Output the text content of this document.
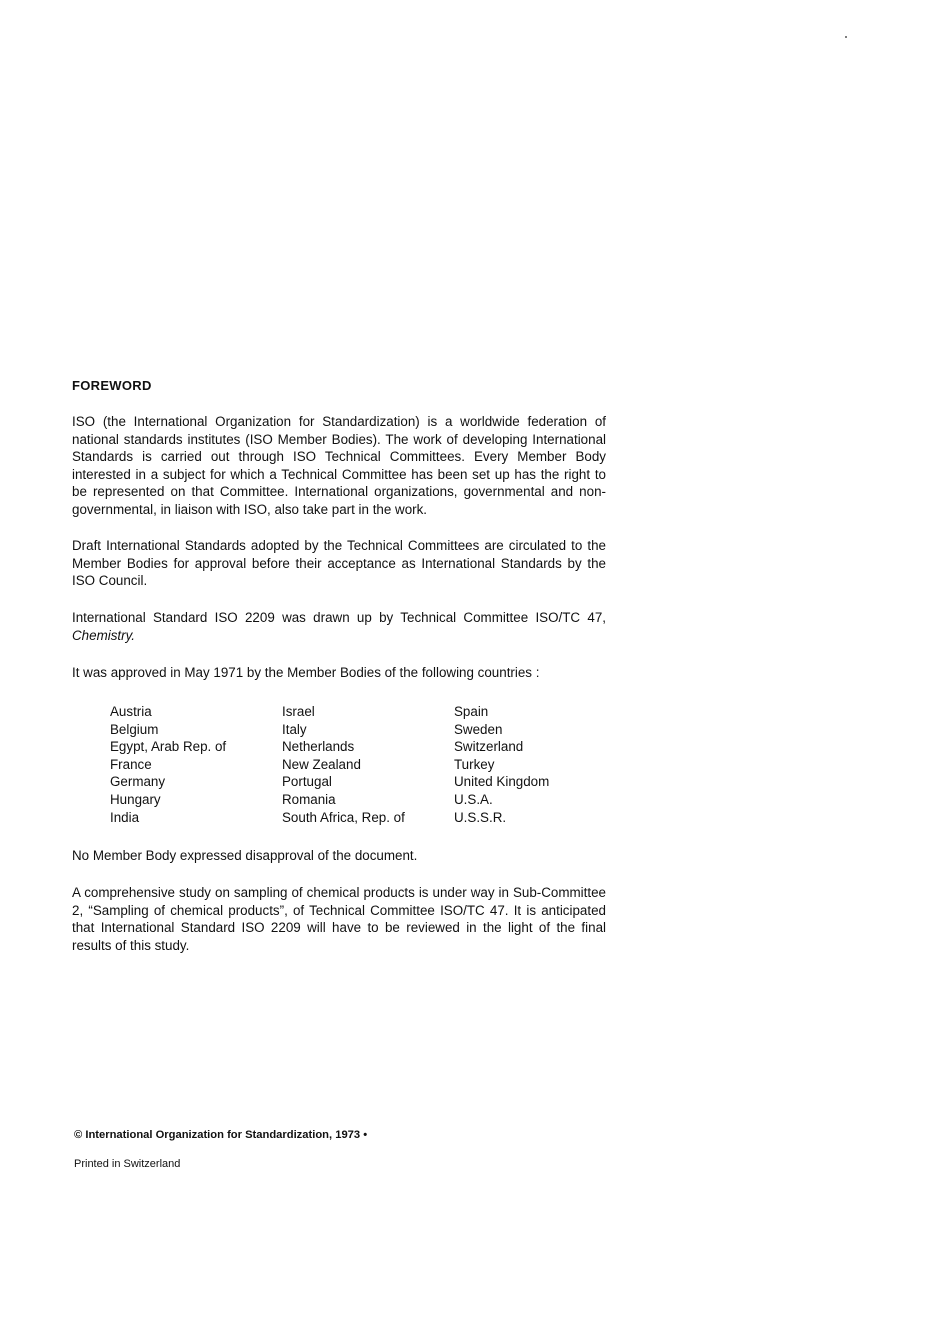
FOREWORD

ISO (the International Organization for Standardization) is a worldwide federation of national standards institutes (ISO Member Bodies). The work of developing International Standards is carried out through ISO Technical Committees. Every Member Body interested in a subject for which a Technical Committee has been set up has the right to be represented on that Committee. International organizations, governmental and non-governmental, in liaison with ISO, also take part in the work.

Draft International Standards adopted by the Technical Committees are circulated to the Member Bodies for approval before their acceptance as International Standards by the ISO Council.

International Standard ISO 2209 was drawn up by Technical Committee ISO/TC 47, Chemistry.

It was approved in May 1971 by the Member Bodies of the following countries :

Austria
Belgium
Egypt, Arab Rep. of
France
Germany
Hungary
India
Israel
Italy
Netherlands
New Zealand
Portugal
Romania
South Africa, Rep. of
Spain
Sweden
Switzerland
Turkey
United Kingdom
U.S.A.
U.S.S.R.

No Member Body expressed disapproval of the document.

A comprehensive study on sampling of chemical products is under way in Sub-Committee 2, “Sampling of chemical products”, of Technical Committee ISO/TC 47. It is anticipated that International Standard ISO 2209 will have to be reviewed in the light of the final results of this study.

© International Organization for Standardization, 1973 •
Printed in Switzerland
